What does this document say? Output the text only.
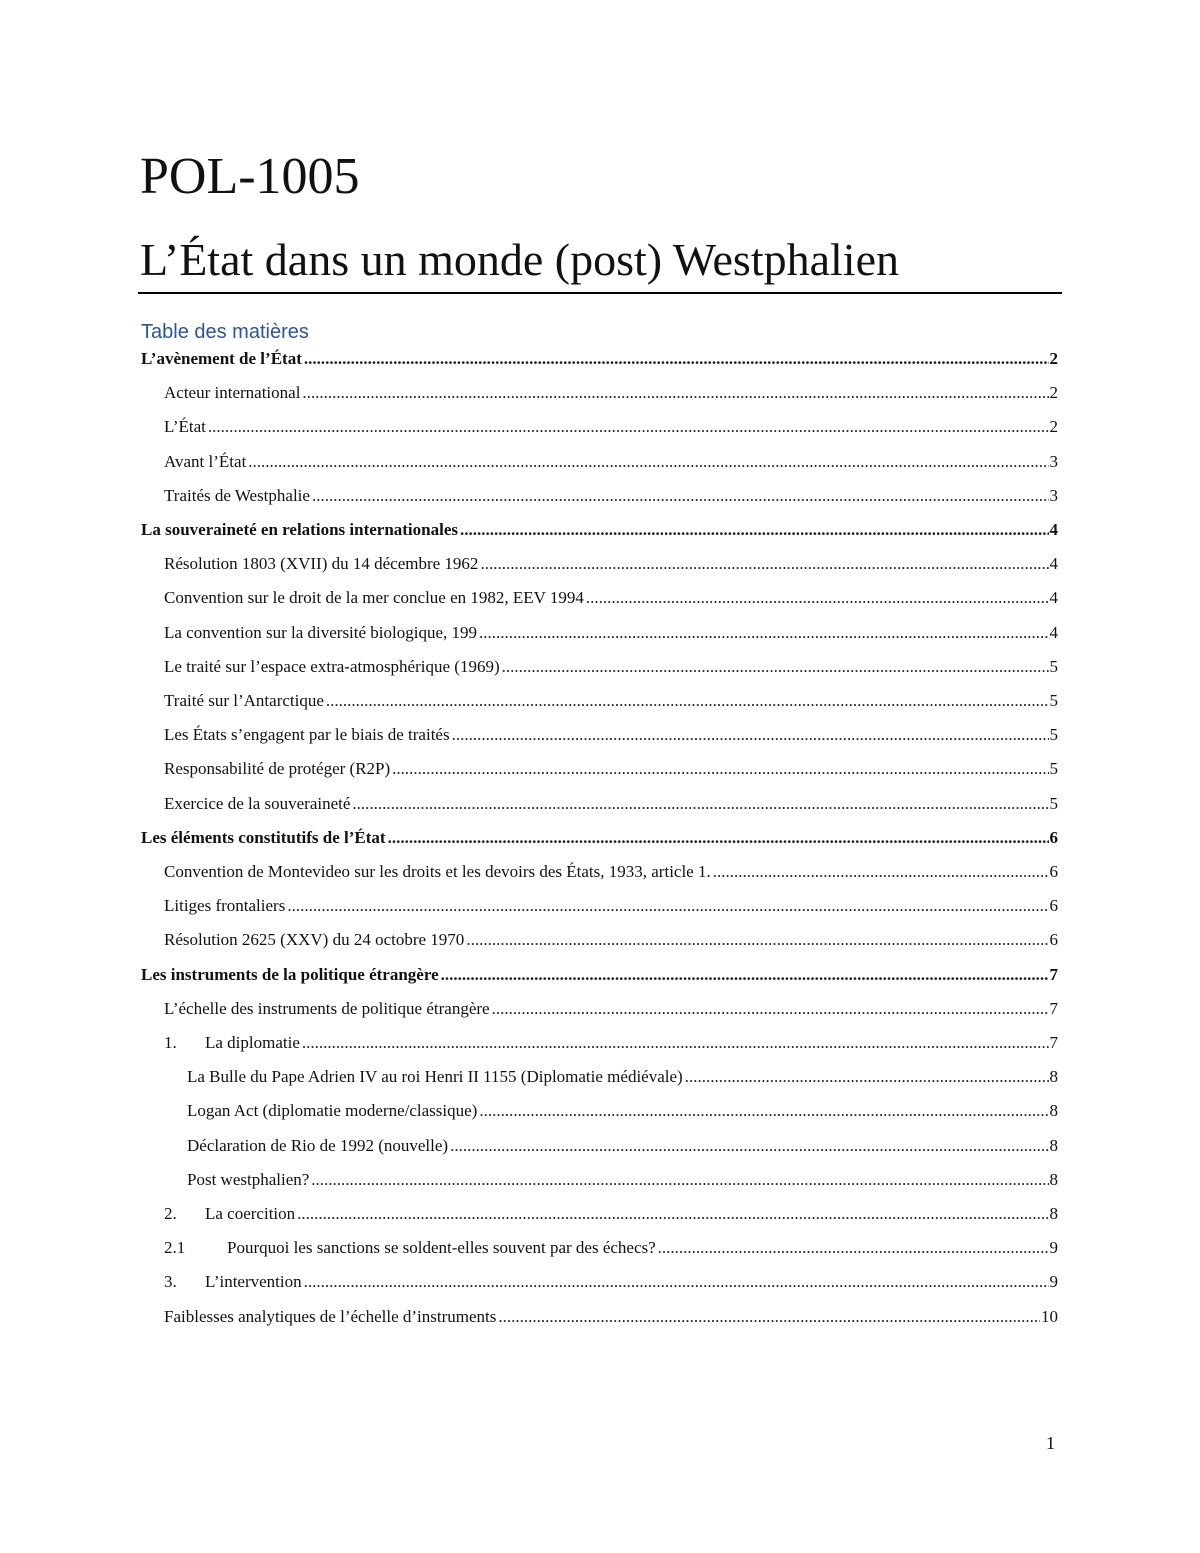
POL-1005
L’État dans un monde (post) Westphalien
Table des matières
L’avènement de l’État .....	2
Acteur international .....	2
L’État .....	2
Avant l’État .....	3
Traités de Westphalie .....	3
La souveraineté en relations internationales .....	4
Résolution 1803 (XVII) du 14 décembre 1962 .....	4
Convention sur le droit de la mer conclue en 1982, EEV 1994 .....	4
La convention sur la diversité biologique, 199 .....	4
Le traité sur l’espace extra-atmosphérique (1969) .....	5
Traité sur l’Antarctique .....	5
Les États s’engagent par le biais de traités .....	5
Responsabilité de protéger (R2P) .....	5
Exercice de la souveraineté .....	5
Les éléments constitutifs de l’État .....	6
Convention de Montevideo sur les droits et les devoirs des États, 1933, article 1. .....	6
Litiges frontaliers .....	6
Résolution 2625 (XXV) du 24 octobre 1970 .....	6
Les instruments de la politique étrangère .....	7
L’échelle des instruments de politique étrangère .....	7
1.	La diplomatie .....	7
La Bulle du Pape Adrien IV au roi Henri II 1155 (Diplomatie médiévale) .....	8
Logan Act (diplomatie moderne/classique) .....	8
Déclaration de Rio de 1992 (nouvelle) .....	8
Post westphalien? .....	8
2.	La coercition .....	8
2.1	Pourquoi les sanctions se soldent-elles souvent par des échecs? .....	9
3.	L’intervention .....	9
Faiblesses analytiques de l’échelle d’instruments .....	10
1
